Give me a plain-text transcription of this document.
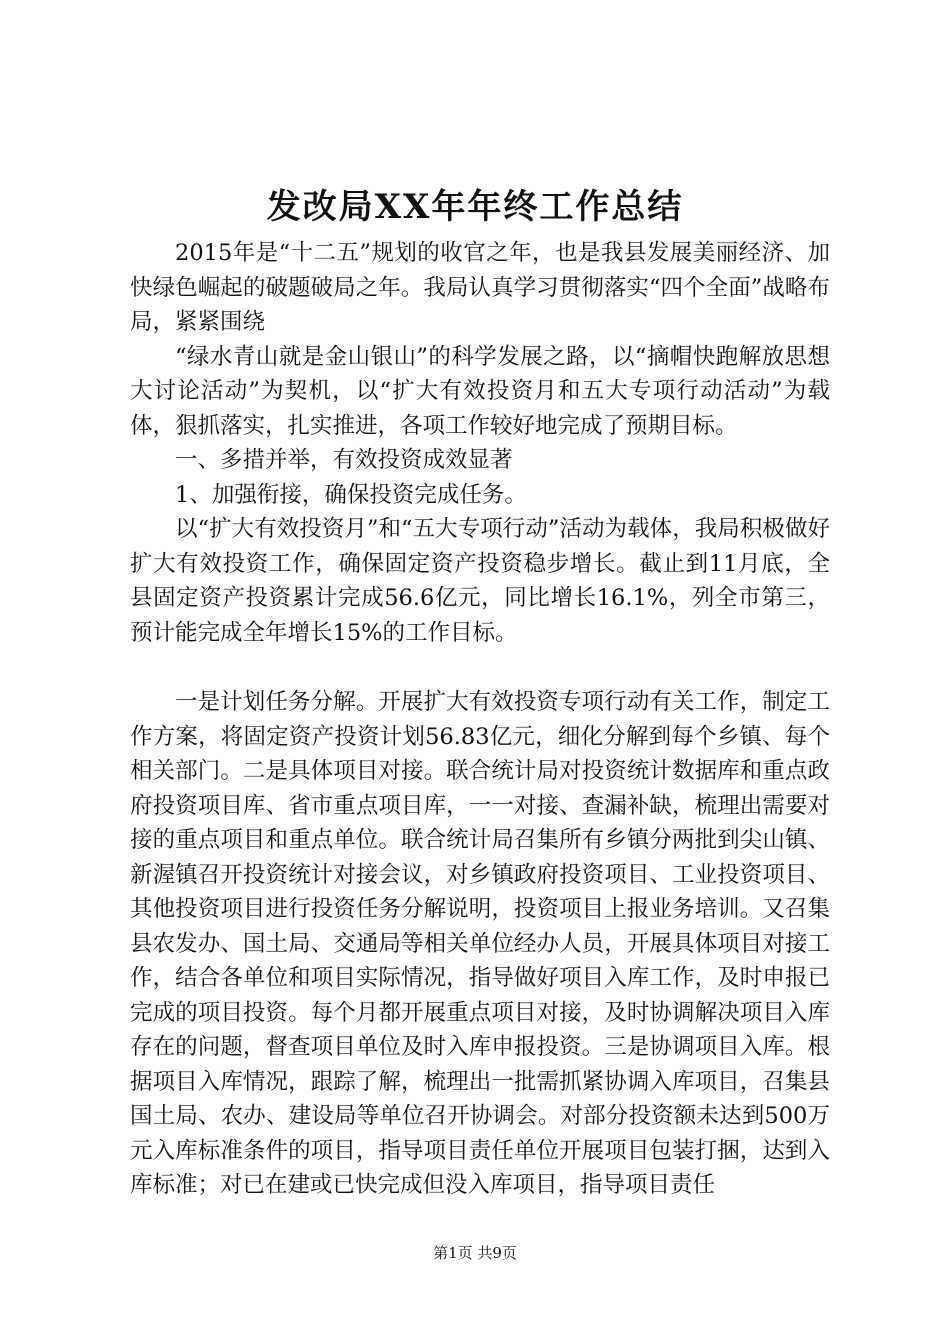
发改局XX年年终工作总结

2015年是“十二五”规划的收官之年，也是我县发展美丽经济、加快绿色崛起的破题破局之年。我局认真学习贯彻落实“四个全面”战略布局，紧紧围绕

“绿水青山就是金山银山”的科学发展之路，以“摘帽快跑解放思想大讨论活动”为契机，以“扩大有效投资月和五大专项行动活动”为载体，狠抓落实，扎实推进，各项工作较好地完成了预期目标。

一、多措并举，有效投资成效显著

1、加强衔接，确保投资完成任务。

以“扩大有效投资月”和“五大专项行动”活动为载体，我局积极做好扩大有效投资工作，确保固定资产投资稳步增长。截止到11月底，全县固定资产投资累计完成56.6亿元，同比增长16.1%，列全市第三，预计能完成全年增长15%的工作目标。

一是计划任务分解。开展扩大有效投资专项行动有关工作，制定工作方案，将固定资产投资计划56.83亿元，细化分解到每个乡镇、每个相关部门。二是具体项目对接。联合统计局对投资统计数据库和重点政府投资项目库、省市重点项目库，一一对接、查漏补缺，梳理出需要对接的重点项目和重点单位。联合统计局召集所有乡镇分两批到尖山镇、新渥镇召开投资统计对接会议，对乡镇政府投资项目、工业投资项目、其他投资项目进行投资任务分解说明，投资项目上报业务培训。又召集县农发办、国土局、交通局等相关单位经办人员，开展具体项目对接工作，结合各单位和项目实际情况，指导做好项目入库工作，及时申报已完成的项目投资。每个月都开展重点项目对接，及时协调解决项目入库存在的问题，督查项目单位及时入库申报投资。三是协调项目入库。根据项目入库情况，跟踪了解，梳理出一批需抓紧协调入库项目，召集县国土局、农办、建设局等单位召开协调会。对部分投资额未达到500万元入库标准条件的项目，指导项目责任单位开展项目包装打捆，达到入库标准；对已在建或已快完成但没入库项目，指导项目责任

第1页 共9页
